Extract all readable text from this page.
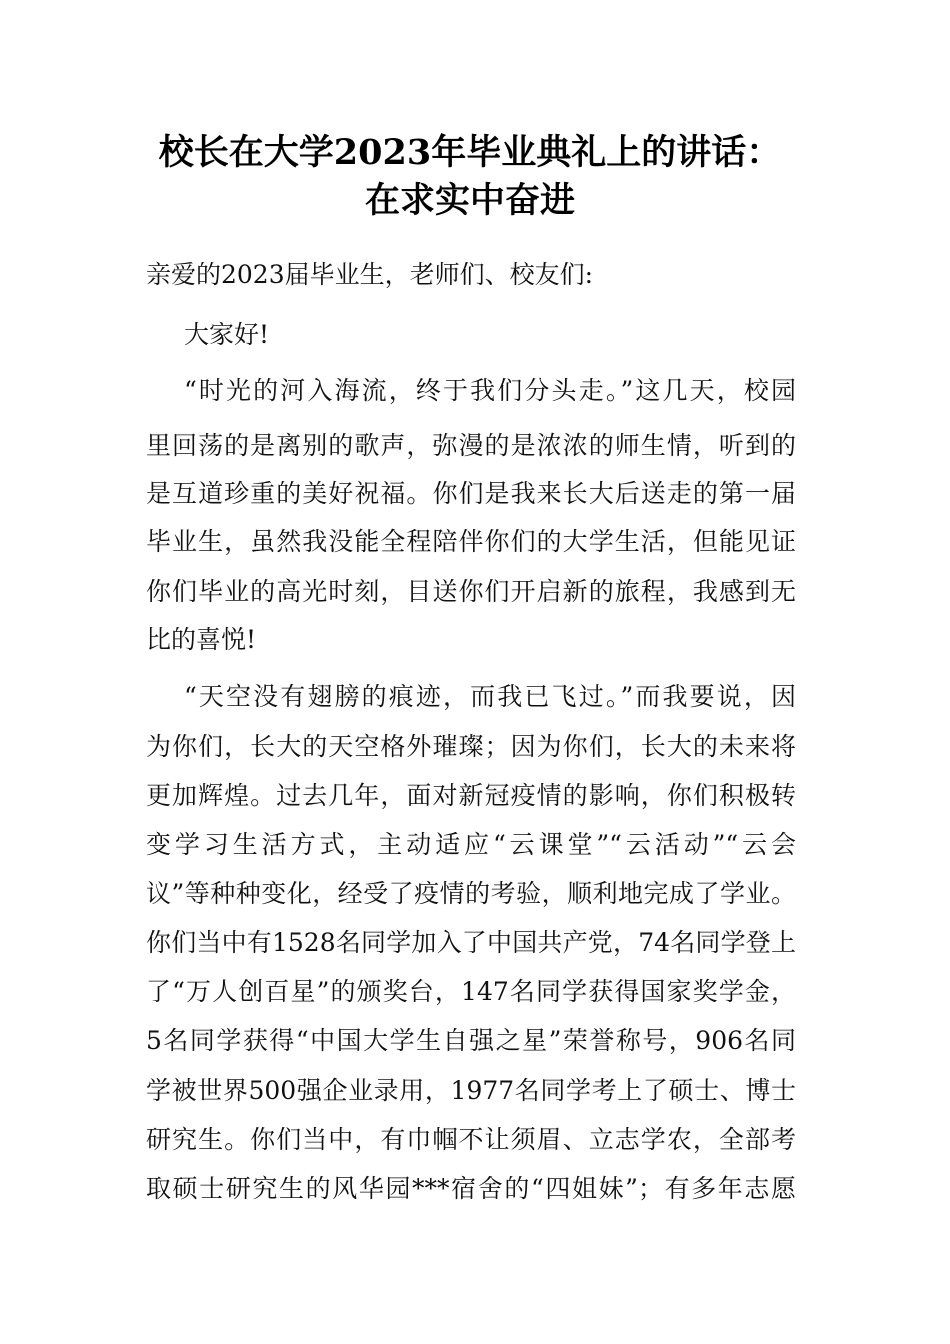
校长在大学2023年毕业典礼上的讲话：
在求实中奋进
亲爱的2023届毕业生，老师们、校友们:
大家好!
“时光的河入海流，终于我们分头走。”这几天，校园
里回荡的是离别的歌声，弥漫的是浓浓的师生情，听到的
是互道珍重的美好祝福。你们是我来长大后送走的第一届
毕业生，虽然我没能全程陪伴你们的大学生活，但能见证
你们毕业的高光时刻，目送你们开启新的旅程，我感到无
比的喜悦!
“天空没有翅膀的痕迹，而我已飞过。”而我要说，因
为你们，长大的天空格外璀璨；因为你们，长大的未来将
更加辉煌。过去几年，面对新冠疫情的影响，你们积极转
变学习生活方式，主动适应“云课堂”“云活动”“云会
议”等种种变化，经受了疫情的考验，顺利地完成了学业。
你们当中有1528名同学加入了中国共产党，74名同学登上
了“万人创百星”的颁奖台，147名同学获得国家奖学金，
5名同学获得“中国大学生自强之星”荣誉称号，906名同
学被世界500强企业录用，1977名同学考上了硕士、博士
研究生。你们当中，有巾帼不让须眉、立志学农，全部考
取硕士研究生的风华园***宿舍的“四姐妹”；有多年志愿
